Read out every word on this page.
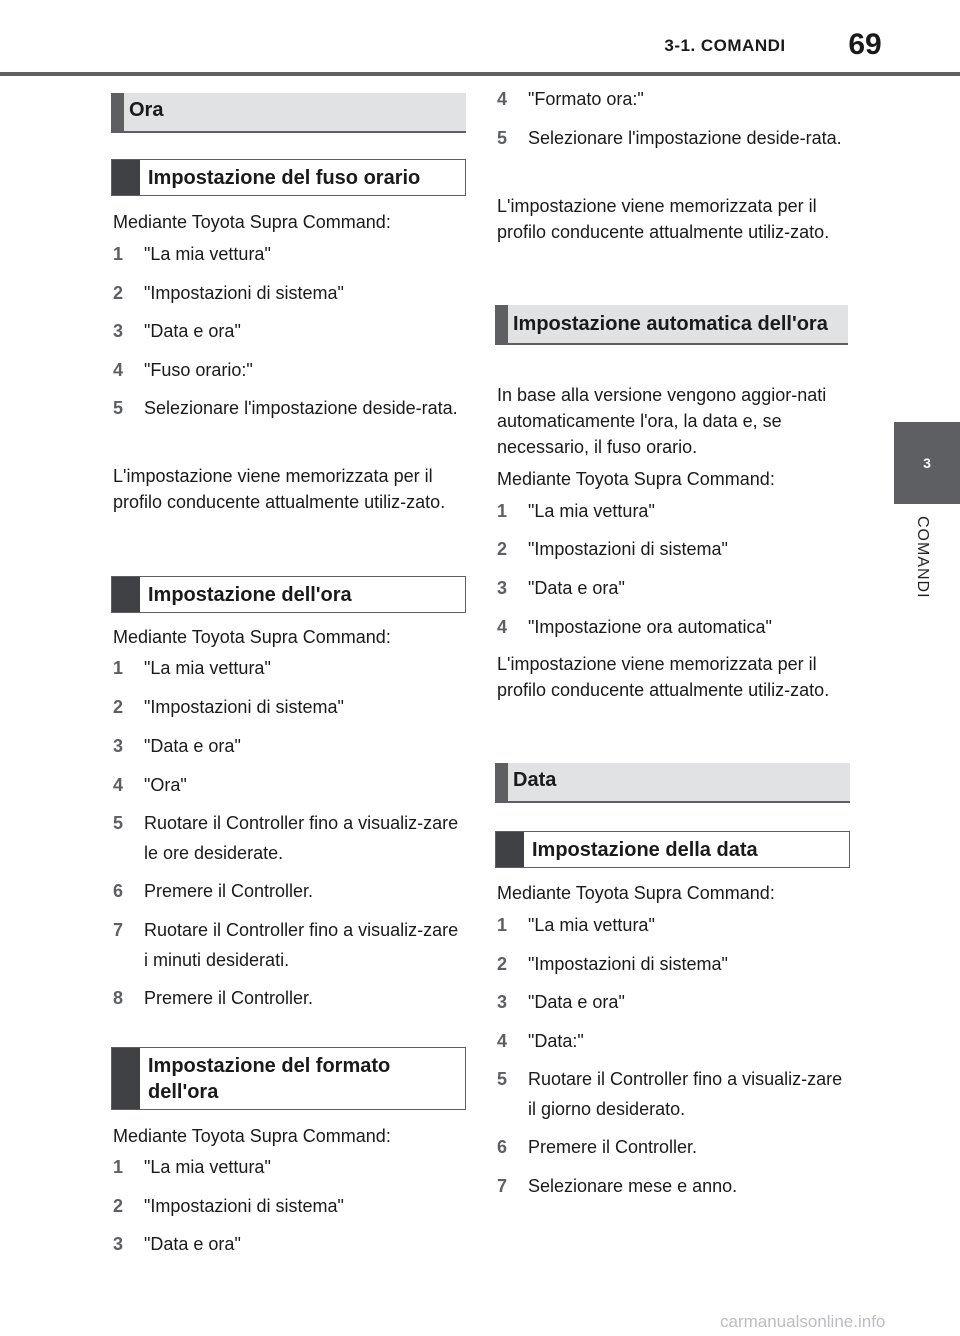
3-1. COMANDI	69
3
COMANDI
Ora
Impostazione del fuso orario
Mediante Toyota Supra Command:
1 "La mia vettura"
2 "Impostazioni di sistema"
3 "Data e ora"
4 "Fuso orario:"
5 Selezionare l'impostazione deside-rata.
L'impostazione viene memorizzata per il profilo conducente attualmente utiliz-zato.
Impostazione dell'ora
Mediante Toyota Supra Command:
1 "La mia vettura"
2 "Impostazioni di sistema"
3 "Data e ora"
4 "Ora"
5 Ruotare il Controller fino a visualiz-zare le ore desiderate.
6 Premere il Controller.
7 Ruotare il Controller fino a visualiz-zare i minuti desiderati.
8 Premere il Controller.
Impostazione del formato dell'ora
Mediante Toyota Supra Command:
1 "La mia vettura"
2 "Impostazioni di sistema"
3 "Data e ora"
4 "Formato ora:"
5 Selezionare l'impostazione deside-rata.
L'impostazione viene memorizzata per il profilo conducente attualmente utiliz-zato.
Impostazione automatica dell'ora
In base alla versione vengono aggior-nati automaticamente l'ora, la data e, se necessario, il fuso orario.
Mediante Toyota Supra Command:
1 "La mia vettura"
2 "Impostazioni di sistema"
3 "Data e ora"
4 "Impostazione ora automatica"
L'impostazione viene memorizzata per il profilo conducente attualmente utiliz-zato.
Data
Impostazione della data
Mediante Toyota Supra Command:
1 "La mia vettura"
2 "Impostazioni di sistema"
3 "Data e ora"
4 "Data:"
5 Ruotare il Controller fino a visualiz-zare il giorno desiderato.
6 Premere il Controller.
7 Selezionare mese e anno.
carmanualsonline.info
